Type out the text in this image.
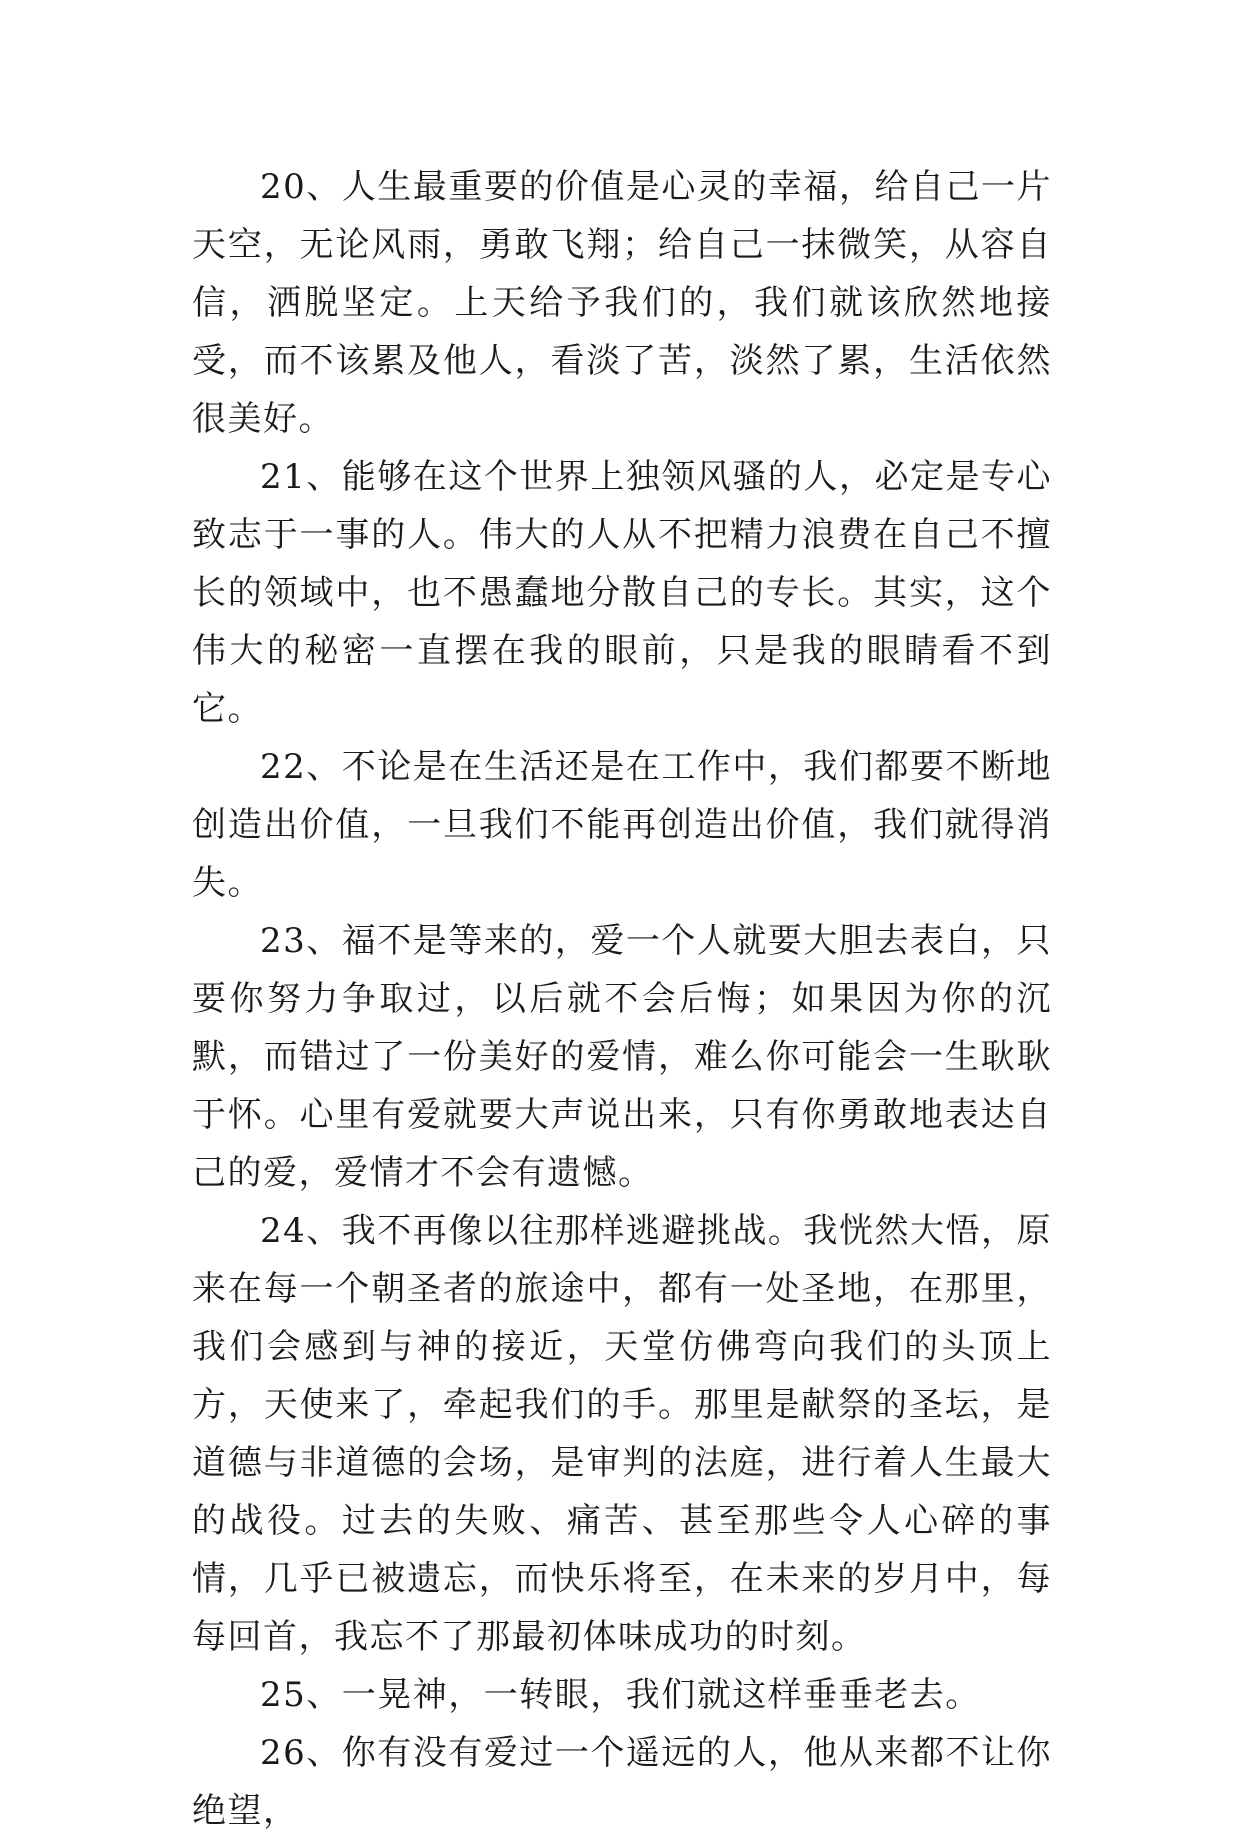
20、人生最重要的价值是心灵的幸福，给自己一片天空，无论风雨，勇敢飞翔；给自己一抹微笑，从容自信，洒脱坚定。上天给予我们的，我们就该欣然地接受，而不该累及他人，看淡了苦，淡然了累，生活依然很美好。

21、能够在这个世界上独领风骚的人，必定是专心致志于一事的人。伟大的人从不把精力浪费在自己不擅长的领域中，也不愚蠢地分散自己的专长。其实，这个伟大的秘密一直摆在我的眼前，只是我的眼睛看不到它。

22、不论是在生活还是在工作中，我们都要不断地创造出价值，一旦我们不能再创造出价值，我们就得消失。

23、福不是等来的，爱一个人就要大胆去表白，只要你努力争取过，以后就不会后悔；如果因为你的沉默，而错过了一份美好的爱情，难么你可能会一生耿耿于怀。心里有爱就要大声说出来，只有你勇敢地表达自己的爱，爱情才不会有遗憾。

24、我不再像以往那样逃避挑战。我恍然大悟，原来在每一个朝圣者的旅途中，都有一处圣地，在那里，我们会感到与神的接近，天堂仿佛弯向我们的头顶上方，天使来了，牵起我们的手。那里是献祭的圣坛，是道德与非道德的会场，是审判的法庭，进行着人生最大的战役。过去的失败、痛苦、甚至那些令人心碎的事情，几乎已被遗忘，而快乐将至，在未来的岁月中，每每回首，我忘不了那最初体味成功的时刻。

25、一晃神，一转眼，我们就这样垂垂老去。

26、你有没有爱过一个遥远的人，他从来都不让你绝望，
